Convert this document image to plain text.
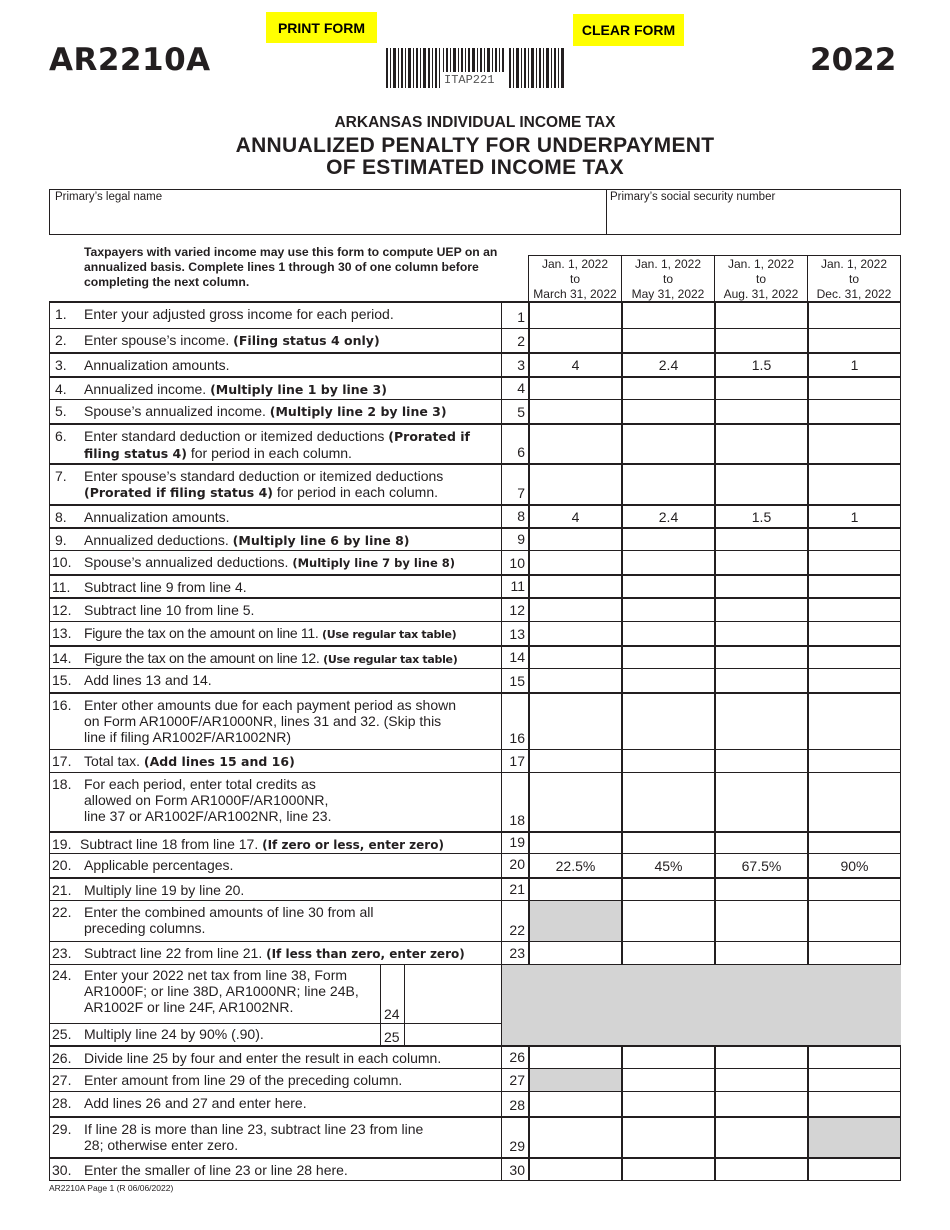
AR2210A
PRINT FORM	CLEAR FORM
ITAP221
2022
ARKANSAS INDIVIDUAL INCOME TAX
ANNUALIZED PENALTY FOR UNDERPAYMENT
OF ESTIMATED INCOME TAX
Primary’s legal name	Primary’s social security number
Taxpayers with varied income may use this form to compute UEP on an annualized basis. Complete lines 1 through 30 of one column before completing the next column.
Jan. 1, 2022
to
March 31, 2022
Jan. 1, 2022
to
May 31, 2022
Jan. 1, 2022
to
Aug. 31, 2022
Jan. 1, 2022
to
Dec. 31, 2022
1. Enter your adjusted gross income for each period.	1
2. Enter spouse’s income. (Filing status 4 only)	2
3. Annualization amounts.	3	4	2.4	1.5	1
4. Annualized income. (Multiply line 1 by line 3)	4
5. Spouse’s annualized income. (Multiply line 2 by line 3)	5
6. Enter standard deduction or itemized deductions (Prorated if filing status 4) for period in each column.	6
7. Enter spouse’s standard deduction or itemized deductions (Prorated if filing status 4) for period in each column.	7
8. Annualization amounts.	8	4	2.4	1.5	1
9. Annualized deductions. (Multiply line 6 by line 8)	9
10. Spouse’s annualized deductions. (Multiply line 7 by line 8)	10
11. Subtract line 9 from line 4.	11
12. Subtract line 10 from line 5.	12
13. Figure the tax on the amount on line 11. (Use regular tax table)	13
14. Figure the tax on the amount on line 12. (Use regular tax table)	14
15. Add lines 13 and 14.	15
16. Enter other amounts due for each payment period as shown on Form AR1000F/AR1000NR, lines 31 and 32. (Skip this line if filing AR1002F/AR1002NR)	16
17. Total tax. (Add lines 15 and 16)	17
18. For each period, enter total credits as allowed on Form AR1000F/AR1000NR, line 37 or AR1002F/AR1002NR, line 23.	18
19. Subtract line 18 from line 17. (If zero or less, enter zero)	19
20. Applicable percentages.	20	22.5%	45%	67.5%	90%
21. Multiply line 19 by line 20.	21
22. Enter the combined amounts of line 30 from all preceding columns.	22
23. Subtract line 22 from line 21. (If less than zero, enter zero)	23
24. Enter your 2022 net tax from line 38, Form AR1000F; or line 38D, AR1000NR; line 24B, AR1002F or line 24F, AR1002NR.	24
25. Multiply line 24 by 90% (.90).	25
26. Divide line 25 by four and enter the result in each column.	26
27. Enter amount from line 29 of the preceding column.	27
28. Add lines 26 and 27 and enter here.	28
29. If line 28 is more than line 23, subtract line 23 from line 28; otherwise enter zero.	29
30. Enter the smaller of line 23 or line 28 here.	30
AR2210A Page 1 (R 06/06/2022)
